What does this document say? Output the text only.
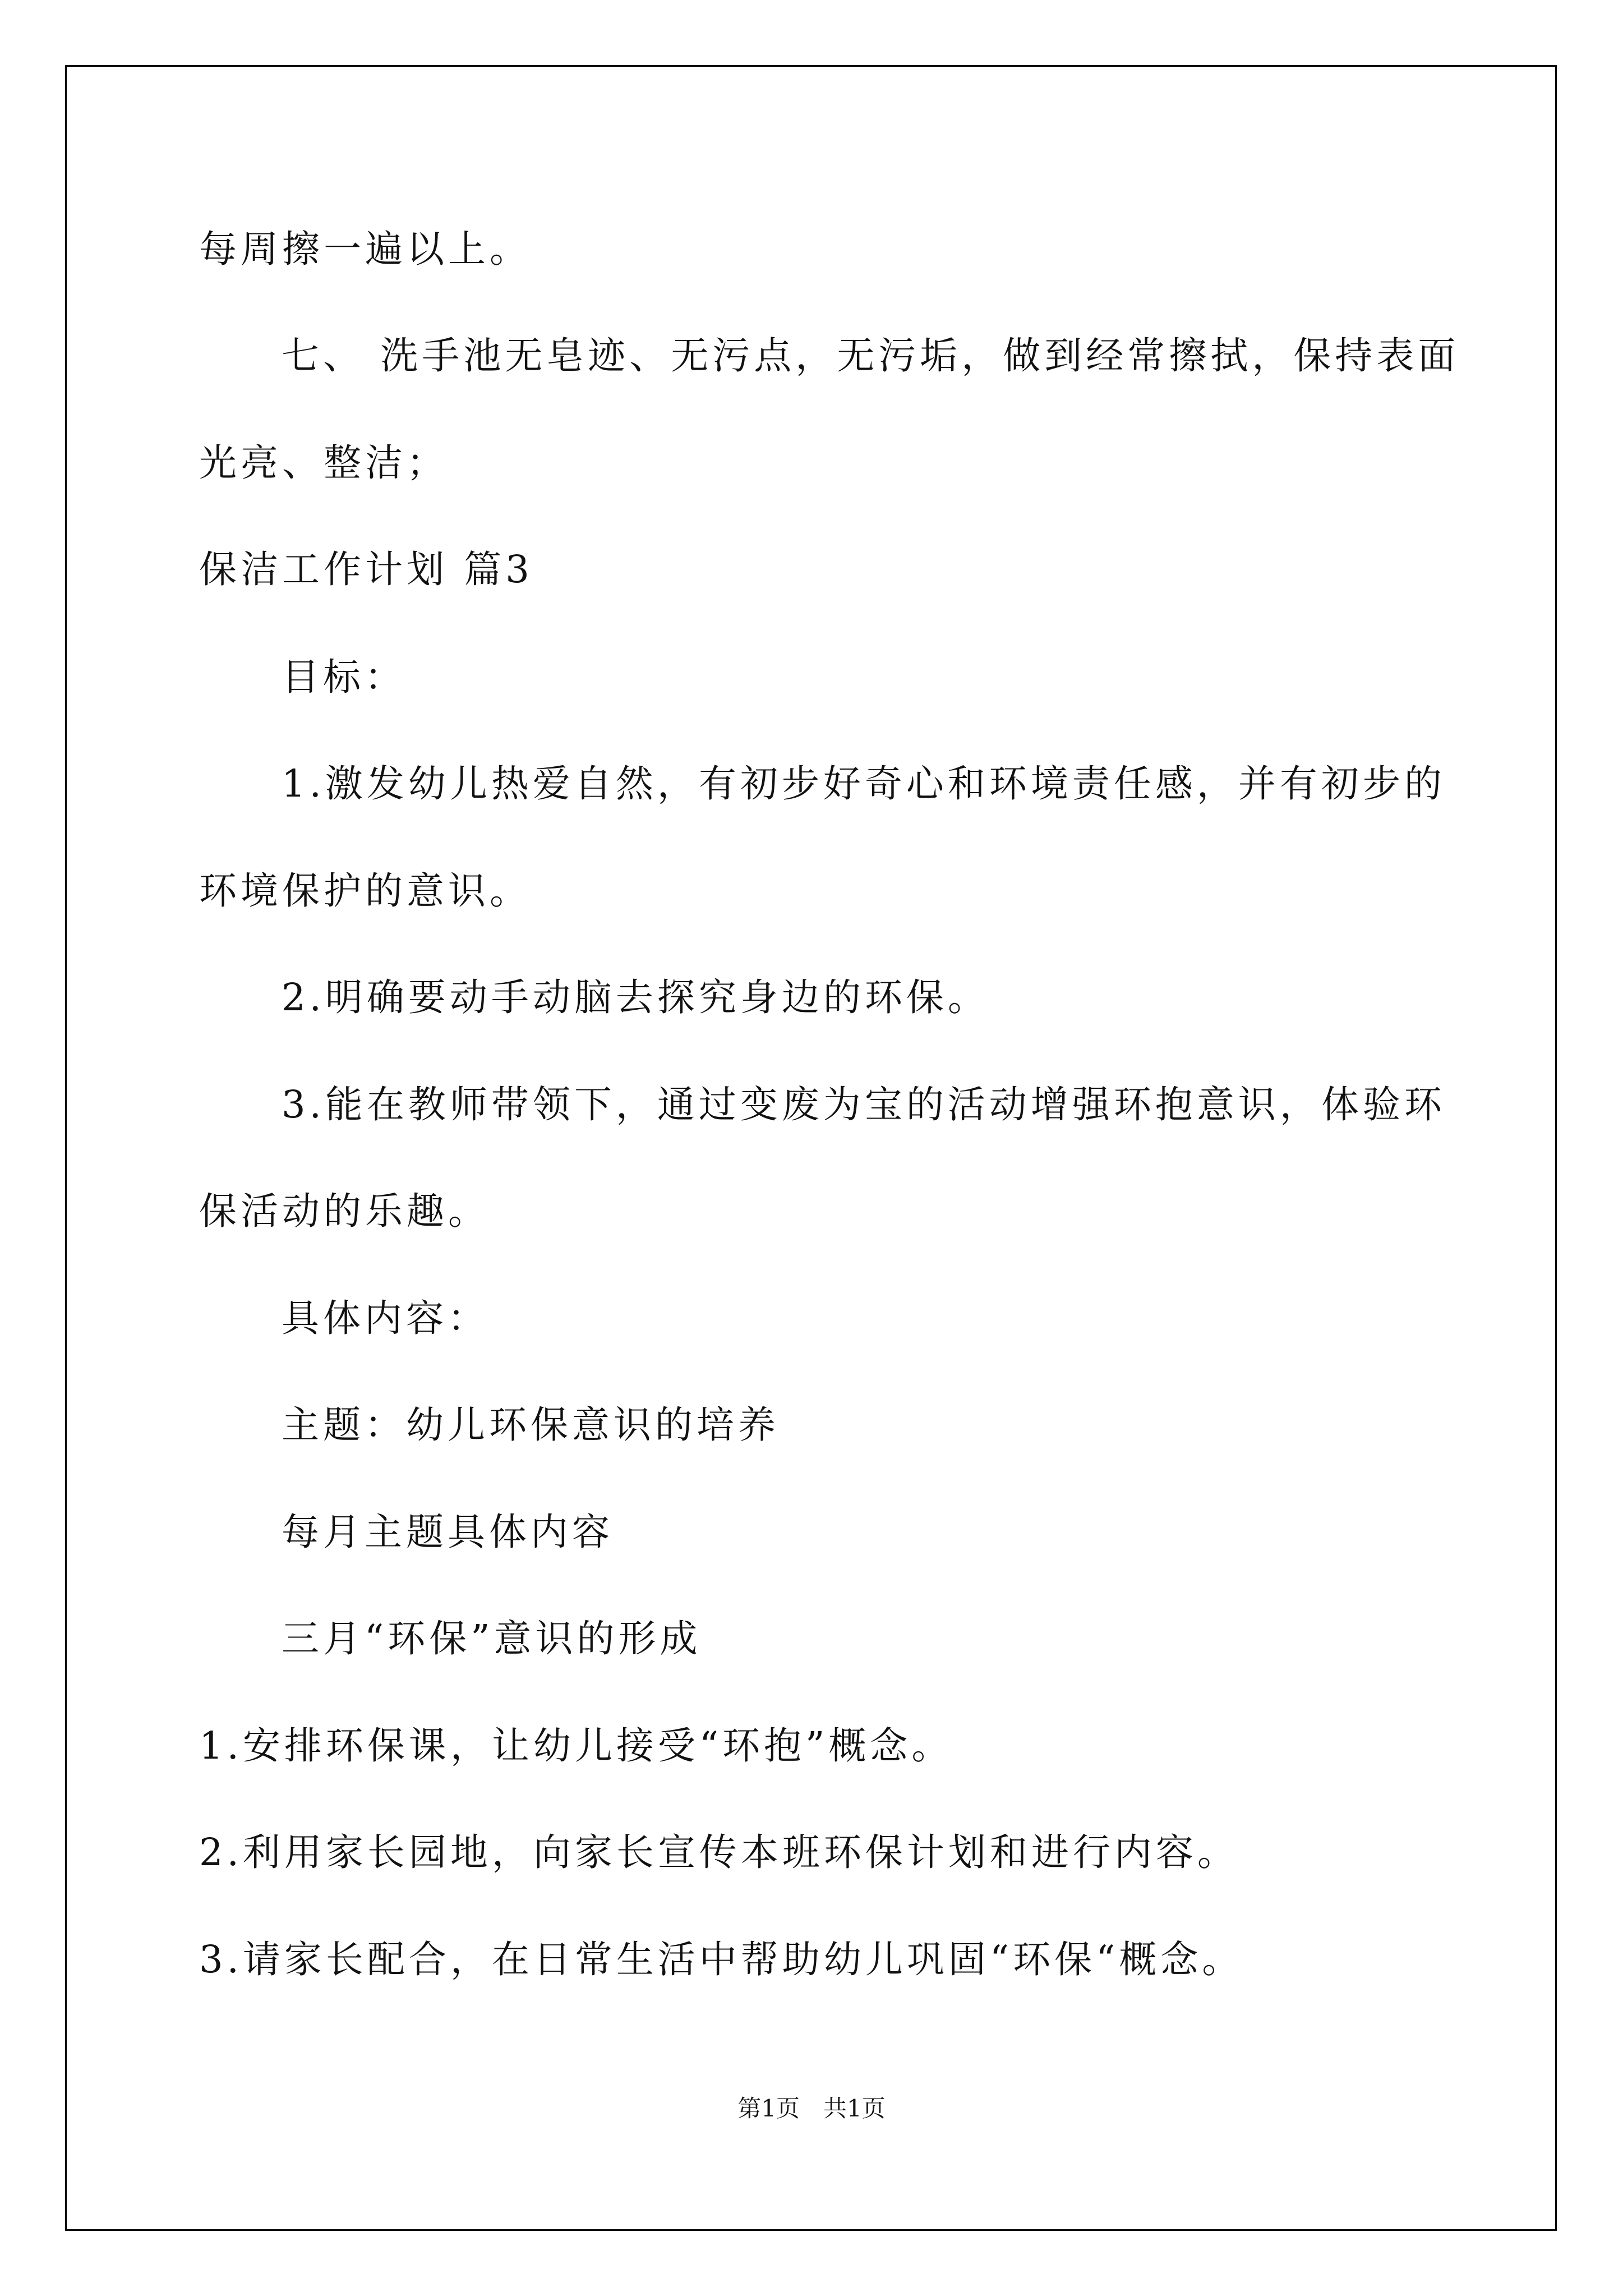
每周擦一遍以上。

七、 洗手池无皂迹、无污点，无污垢，做到经常擦拭，保持表面

光亮、整洁；

保洁工作计划 篇3

目标：

1.激发幼儿热爱自然，有初步好奇心和环境责任感，并有初步的

环境保护的意识。

2.明确要动手动脑去探究身边的环保。

3.能在教师带领下，通过变废为宝的活动增强环抱意识，体验环

保活动的乐趣。

具体内容：

主题：幼儿环保意识的培养

每月主题具体内容

三月“环保”意识的形成

1.安排环保课，让幼儿接受“环抱”概念。

2.利用家长园地，向家长宣传本班环保计划和进行内容。

3.请家长配合，在日常生活中帮助幼儿巩固“环保“概念。

第1页　共1页
